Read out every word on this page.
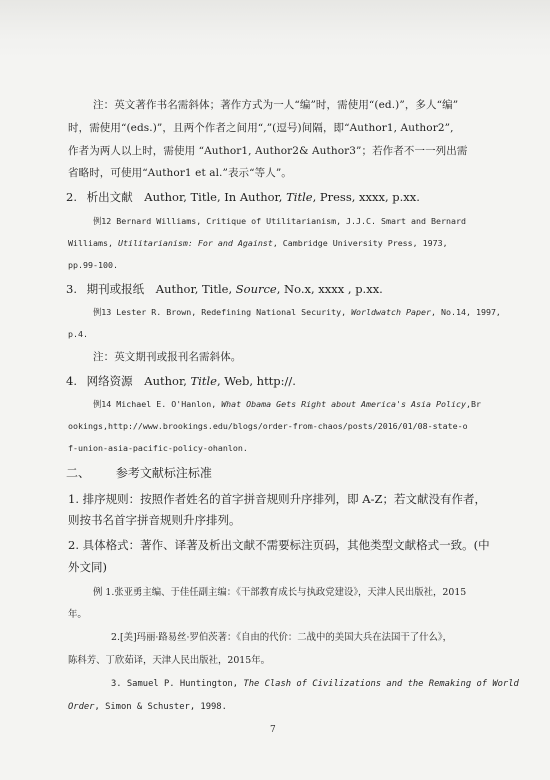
注：英文著作书名需斜体；著作方式为一人“编”时，需使用“(ed.)”，多人“编”
时，需使用“(eds.)”，且两个作者之间用“,”(逗号)间隔，即“Author1, Author2”,
作者为两人以上时，需使用 “Author1, Author2& Author3”；若作者不一一列出需
省略时，可使用“Author1 et al.”表示“等人”。
2. 析出文献 Author, Title, In Author, Title, Press, xxxx, p.xx.
例12 Bernard Williams, Critique of Utilitarianism, J.J.C. Smart and Bernard
Williams, Utilitarianism: For and Against, Cambridge University Press, 1973,
pp.99-100.
3. 期刊或报纸 Author, Title, Source, No.x, xxxx , p.xx.
例13 Lester R. Brown, Redefining National Security, Worldwatch Paper, No.14, 1997,
p.4.
注：英文期刊或报刊名需斜体。
4. 网络资源 Author, Title, Web, http://.
例14 Michael E. O'Hanlon, What Obama Gets Right about America's Asia Policy,Br
ookings,http://www.brookings.edu/blogs/order-from-chaos/posts/2016/01/08-state-o
f-union-asia-pacific-policy-ohanlon.
二、 参考文献标注标准
1. 排序规则：按照作者姓名的首字拼音规则升序排列，即 A-Z；若文献没有作者，
则按书名首字拼音规则升序排列。
2. 具体格式：著作、译著及析出文献不需要标注页码，其他类型文献格式一致。(中
外文同)
例 1.张亚勇主编、于佳任副主编：《干部教育成长与执政党建设》，天津人民出版社，2015
年。
2.[美]玛丽·路易丝·罗伯茨著：《自由的代价：二战中的美国大兵在法国干了什么》，
陈科芳、丁欣茹译，天津人民出版社，2015年。
3. Samuel P. Huntington, The Clash of Civilizations and the Remaking of World
Order, Simon & Schuster, 1998.
7
